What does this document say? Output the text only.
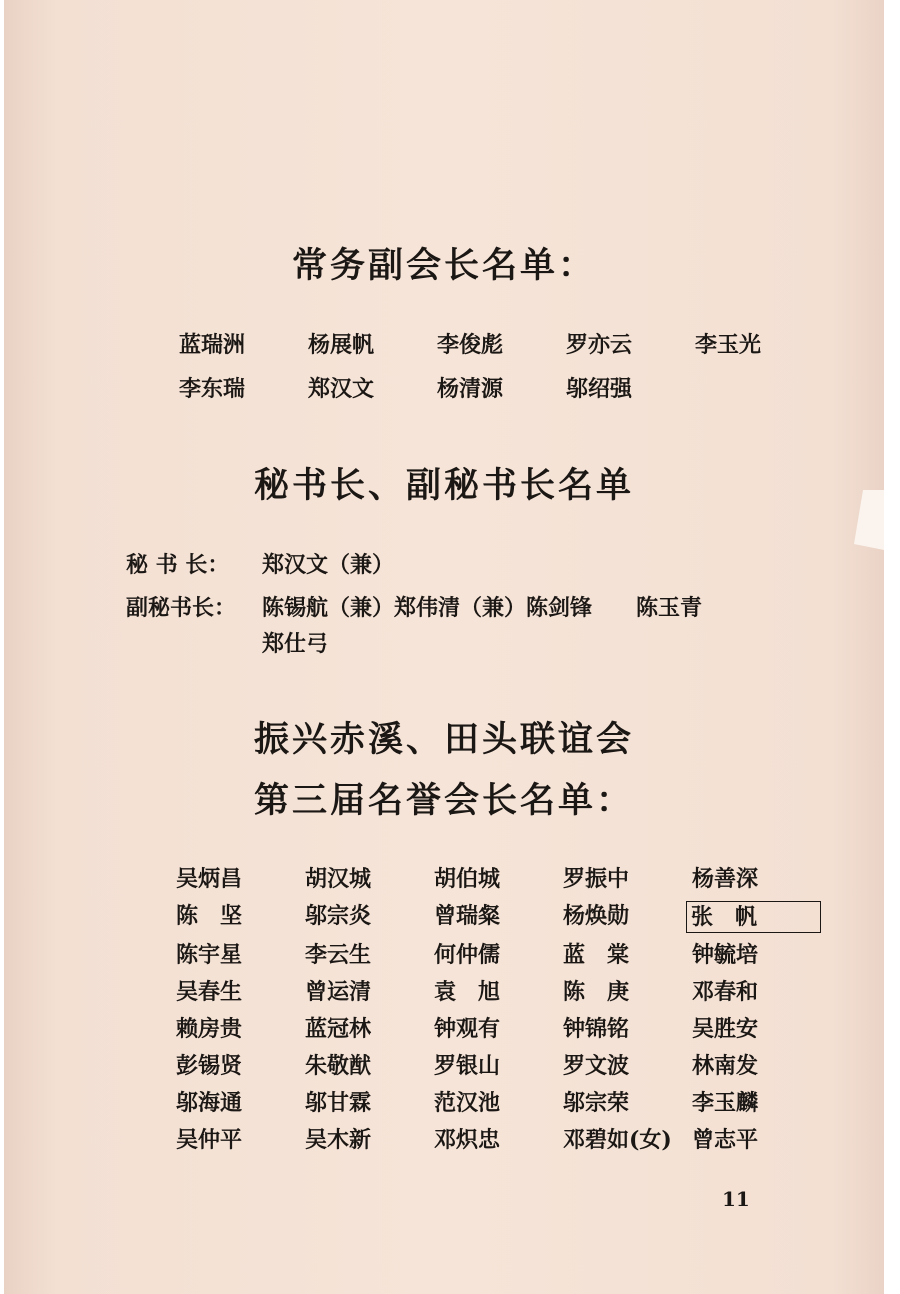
常务副会长名单：
蓝瑞洲	杨展帆	李俊彪	罗亦云	李玉光
李东瑞	郑汉文	杨清源	邬绍强
秘书长、副秘书长名单
秘 书 长： 郑汉文（兼）
副秘书长： 陈锡航（兼）郑伟清（兼）陈剑锋　　陈玉青
郑仕弓
振兴赤溪、田头联谊会
第三届名誉会长名单：
吴炳昌	胡汉城	胡伯城	罗振中	杨善深
陈　坚	邬宗炎	曾瑞粲	杨焕勋	张　帆
陈宇星	李云生	何仲儒	蓝　棠	钟毓培
吴春生	曾运清	袁　旭	陈　庚	邓春和
赖房贵	蓝冠林	钟观有	钟锦铭	吴胜安
彭锡贤	朱敬猷	罗银山	罗文波	林南发
邬海通	邬甘霖	范汉池	邬宗荣	李玉麟
吴仲平	吴木新	邓炽忠	邓碧如(女) 曾志平
11
